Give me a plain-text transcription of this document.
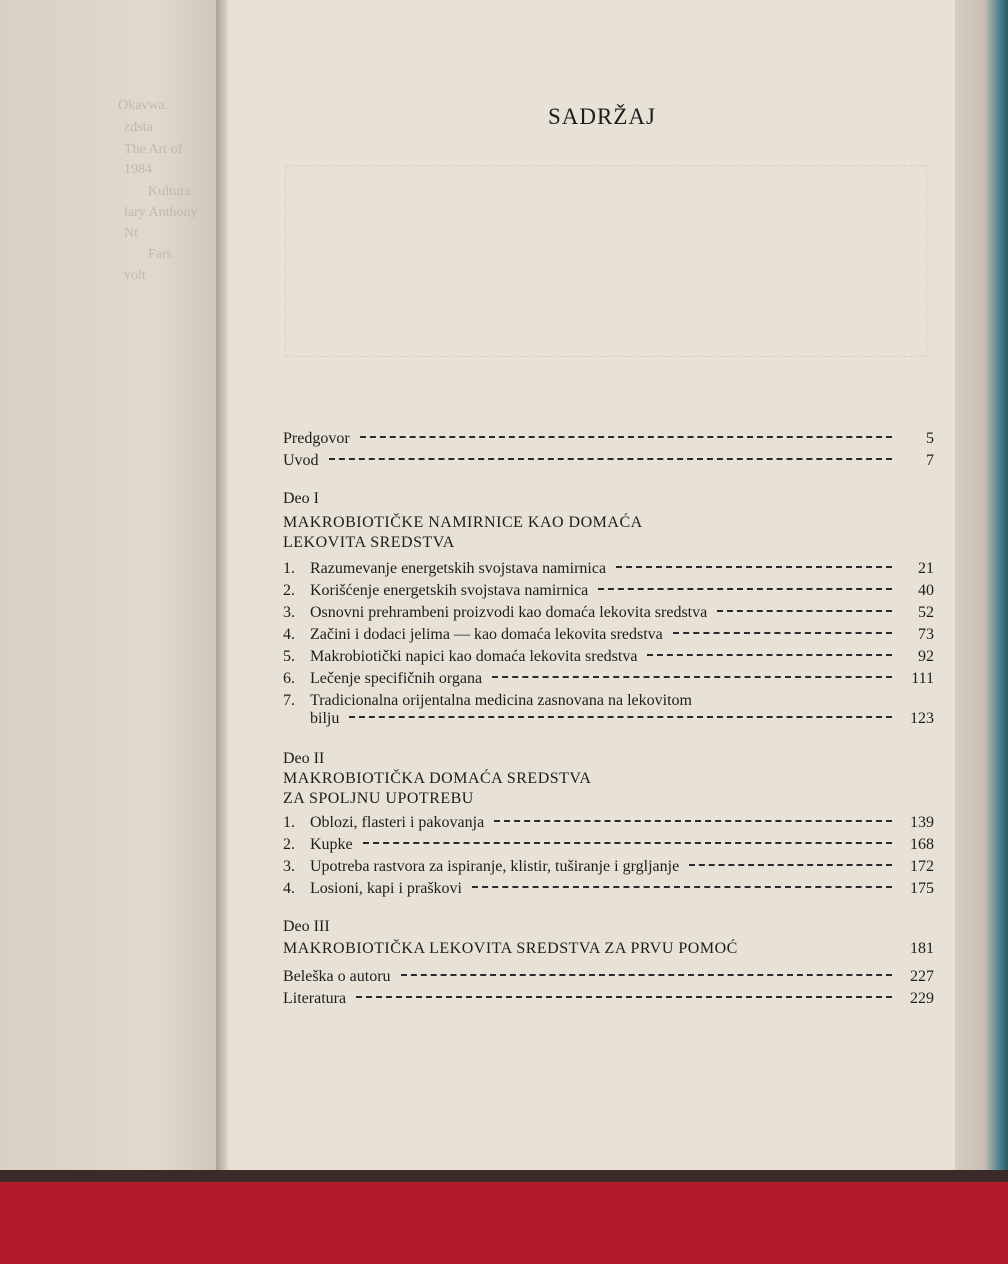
Okavwa.
zdsta
The Art of
1984
Kultura
lary Anthony
Nt
Fars
volt
SADRŽAJ
Predgovor	5
Uvod	7
Deo I
MAKROBIOTIČKE NAMIRNICE KAO DOMAĆA
LEKOVITA SREDSTVA
1. Razumevanje energetskih svojstava namirnica	21
2. Korišćenje energetskih svojstava namirnica	40
3. Osnovni prehrambeni proizvodi kao domaća lekovita sredstva	52
4. Začini i dodaci jelima — kao domaća lekovita sredstva	73
5. Makrobiotički napici kao domaća lekovita sredstva	92
6. Lečenje specifičnih organa	111
7. Tradicionalna orijentalna medicina zasnovana na lekovitom
bilju	123
Deo II
MAKROBIOTIČKA DOMAĆA SREDSTVA
ZA SPOLJNU UPOTREBU
1. Oblozi, flasteri i pakovanja	139
2. Kupke	168
3. Upotreba rastvora za ispiranje, klistir, tuširanje i grgljanje	172
4. Losioni, kapi i praškovi	175
Deo III
MAKROBIOTIČKA LEKOVITA SREDSTVA ZA PRVU POMOĆ	181
Beleška o autoru	227
Literatura	229
